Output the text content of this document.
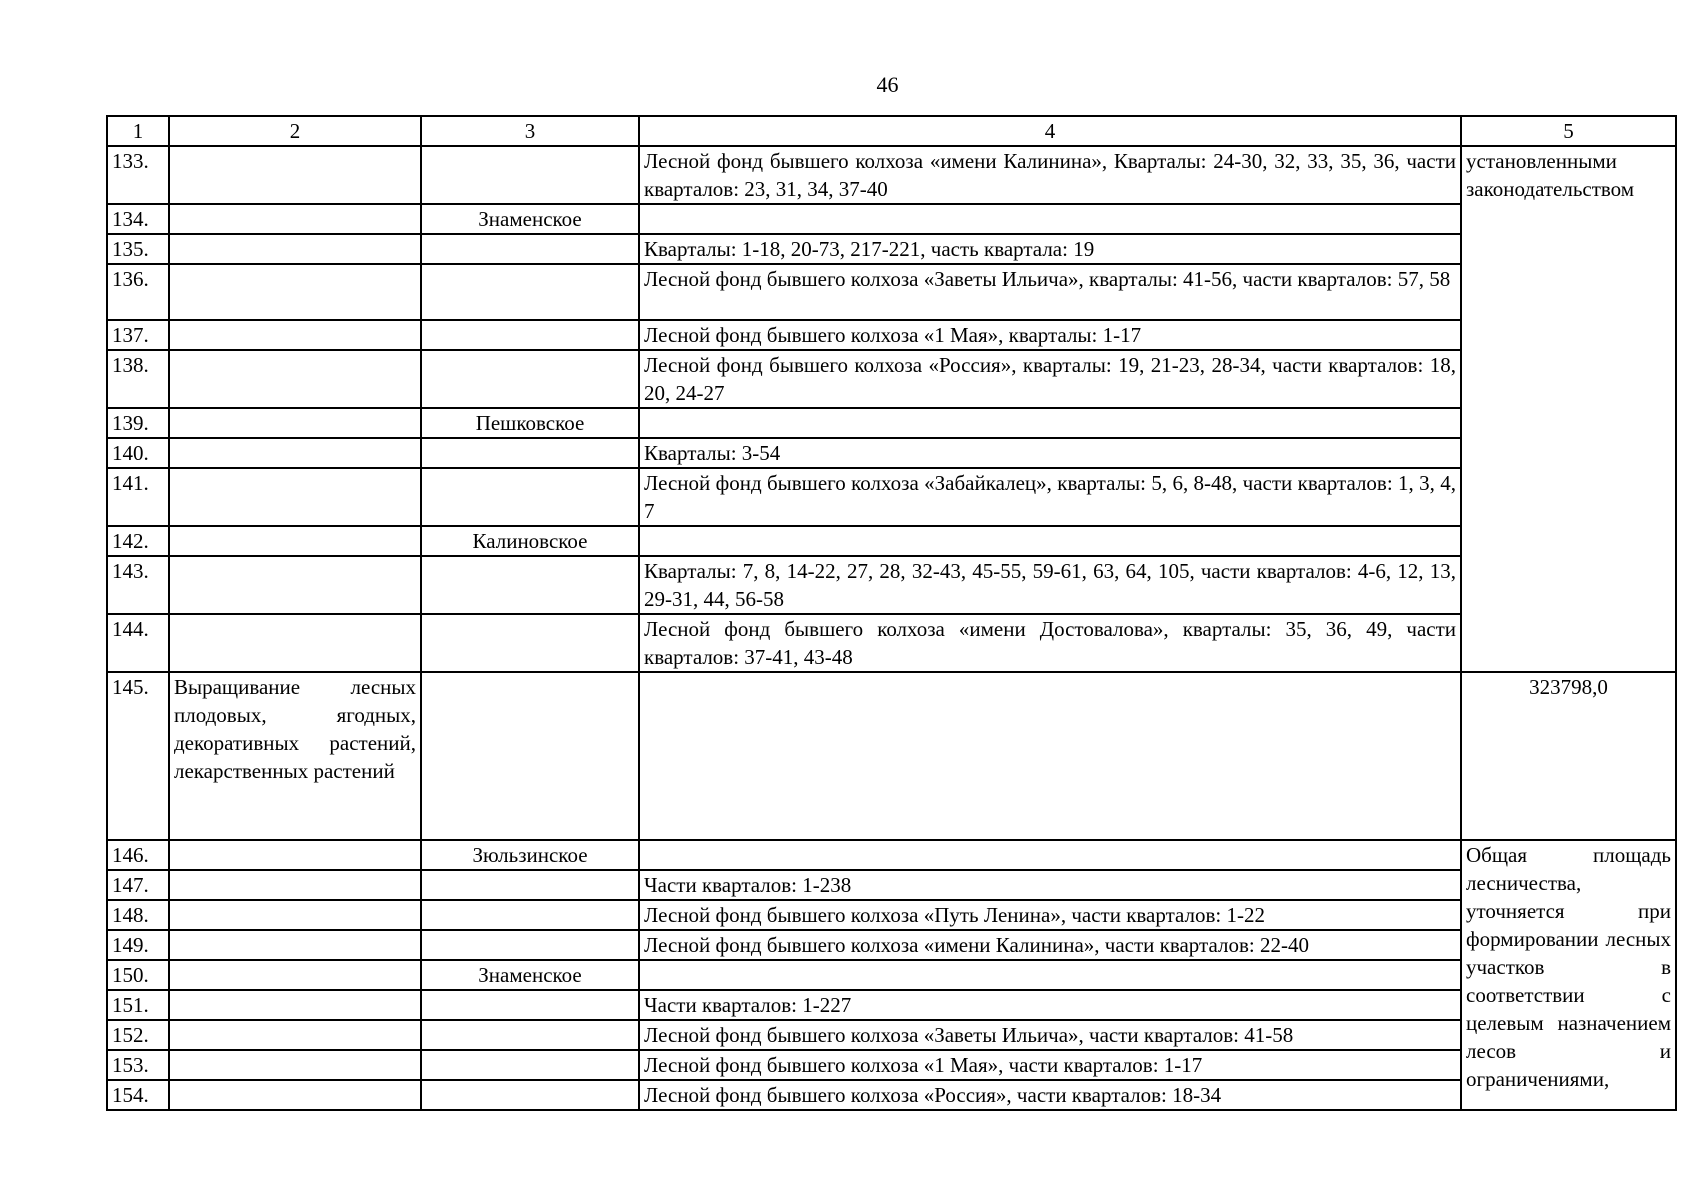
46
1	2	3	4	5
133.			Лесной фонд бывшего колхоза «имени Калинина», Кварталы: 24-30, 32, 33, 35, 36, части кварталов: 23, 31, 34, 37-40	установленными законодательством
134.		Знаменское		
135.			Кварталы: 1-18, 20-73, 217-221, часть квартала: 19	
136.			Лесной фонд бывшего колхоза «Заветы Ильича», кварталы: 41-56, части кварталов: 57, 58	
137.			Лесной фонд бывшего колхоза «1 Мая», кварталы: 1-17	
138.			Лесной фонд бывшего колхоза «Россия», кварталы: 19, 21-23, 28-34, части кварталов: 18, 20, 24-27	
139.		Пешковское		
140.			Кварталы: 3-54	
141.			Лесной фонд бывшего колхоза «Забайкалец», кварталы: 5, 6, 8-48, части кварталов: 1, 3, 4, 7	
142.		Калиновское		
143.			Кварталы: 7, 8, 14-22, 27, 28, 32-43, 45-55, 59-61, 63, 64, 105, части кварталов: 4-6, 12, 13, 29-31, 44, 56-58	
144.			Лесной фонд бывшего колхоза «имени Достовалова», кварталы: 35, 36, 49, части кварталов: 37-41, 43-48	
145.	Выращивание лесных плодовых, ягодных, декоративных растений, лекарственных растений			323798,0
146.		Зюльзинское		Общая площадь лесничества, уточняется при формировании лесных участков в соответствии с целевым назначением лесов и ограничениями,
147.			Части кварталов: 1-238	
148.			Лесной фонд бывшего колхоза «Путь Ленина», части кварталов: 1-22	
149.			Лесной фонд бывшего колхоза «имени Калинина», части кварталов: 22-40	
150.		Знаменское		
151.			Части кварталов: 1-227	
152.			Лесной фонд бывшего колхоза «Заветы Ильича», части кварталов: 41-58	
153.			Лесной фонд бывшего колхоза «1 Мая», части кварталов: 1-17	
154.			Лесной фонд бывшего колхоза «Россия», части кварталов: 18-34	
